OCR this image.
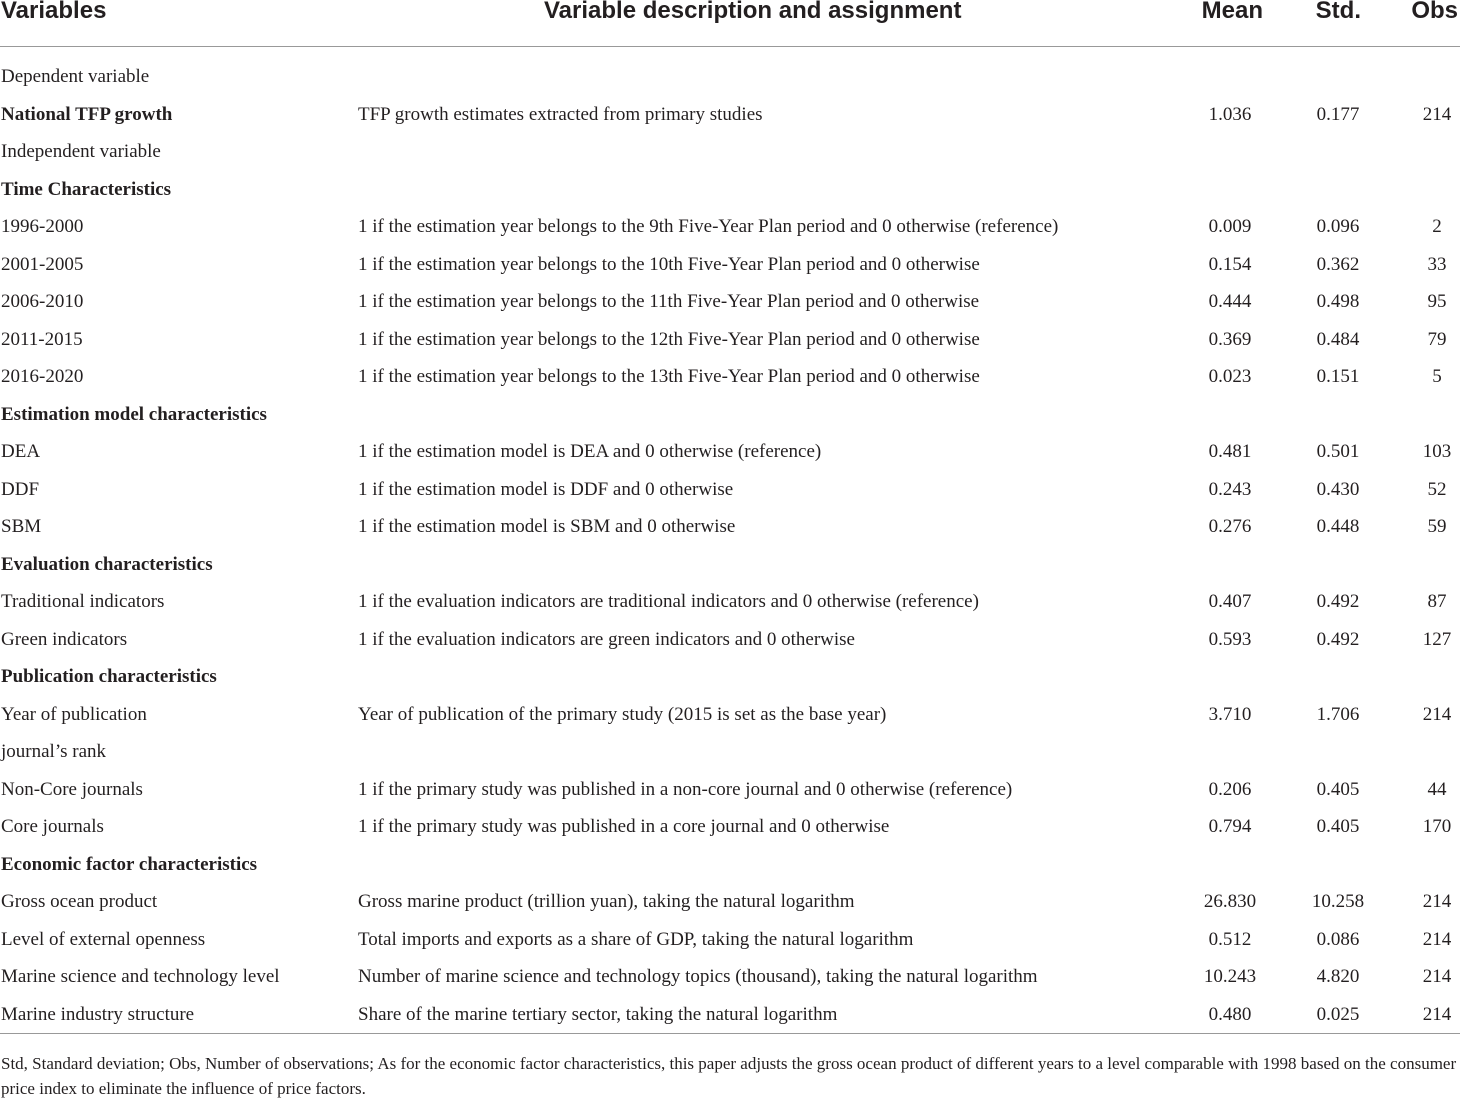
Variables	Variable description and assignment	Mean Std. Obs
Dependent variable
National TFP growth	TFP growth estimates extracted from primary studies	1.036	0.177	214
Independent variable
Time Characteristics
1996-2000	1 if the estimation year belongs to the 9th Five-Year Plan period and 0 otherwise (reference)	0.009	0.096	2
2001-2005	1 if the estimation year belongs to the 10th Five-Year Plan period and 0 otherwise	0.154	0.362	33
2006-2010	1 if the estimation year belongs to the 11th Five-Year Plan period and 0 otherwise	0.444	0.498	95
2011-2015	1 if the estimation year belongs to the 12th Five-Year Plan period and 0 otherwise	0.369	0.484	79
2016-2020	1 if the estimation year belongs to the 13th Five-Year Plan period and 0 otherwise	0.023	0.151	5
Estimation model characteristics
DEA	1 if the estimation model is DEA and 0 otherwise (reference)	0.481	0.501	103
DDF	1 if the estimation model is DDF and 0 otherwise	0.243	0.430	52
SBM	1 if the estimation model is SBM and 0 otherwise	0.276	0.448	59
Evaluation characteristics
Traditional indicators	1 if the evaluation indicators are traditional indicators and 0 otherwise (reference)	0.407	0.492	87
Green indicators	1 if the evaluation indicators are green indicators and 0 otherwise	0.593	0.492	127
Publication characteristics
Year of publication	Year of publication of the primary study (2015 is set as the base year)	3.710	1.706	214
journal’s rank
Non-Core journals	1 if the primary study was published in a non-core journal and 0 otherwise (reference)	0.206	0.405	44
Core journals	1 if the primary study was published in a core journal and 0 otherwise	0.794	0.405	170
Economic factor characteristics
Gross ocean product	Gross marine product (trillion yuan), taking the natural logarithm	26.830	10.258	214
Level of external openness	Total imports and exports as a share of GDP, taking the natural logarithm	0.512	0.086	214
Marine science and technology level	Number of marine science and technology topics (thousand), taking the natural logarithm	10.243	4.820	214
Marine industry structure	Share of the marine tertiary sector, taking the natural logarithm	0.480	0.025	214

Std, Standard deviation; Obs, Number of observations; As for the economic factor characteristics, this paper adjusts the gross ocean product of different years to a level comparable with 1998 based on the consumer price index to eliminate the influence of price factors.
